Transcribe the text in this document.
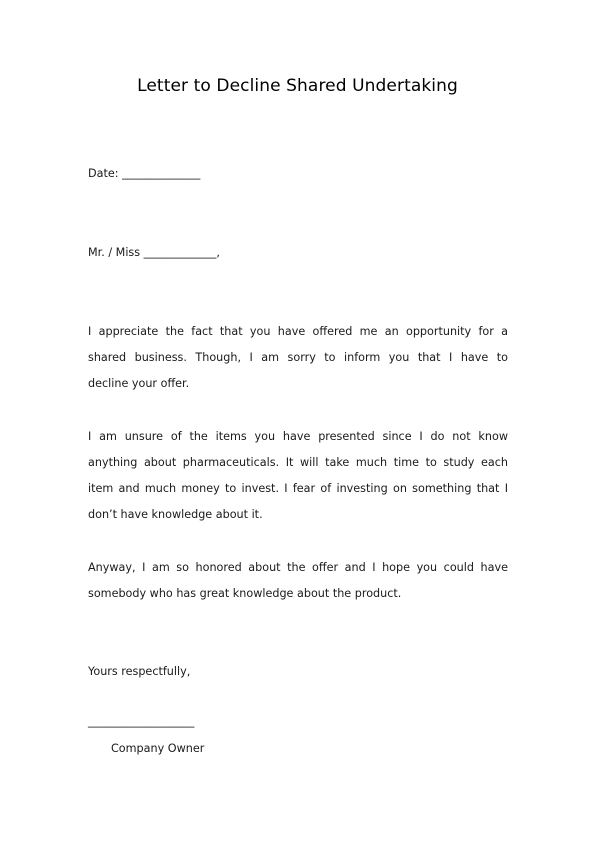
Letter to Decline Shared Undertaking
Date: ______________
Mr. / Miss _____________,
I appreciate the fact that you have offered me an opportunity for a
shared business. Though, I am sorry to inform you that I have to
decline your offer.
I am unsure of the items you have presented since I do not know
anything about pharmaceuticals. It will take much time to study each
item and much money to invest. I fear of investing on something that I
don’t have knowledge about it.
Anyway, I am so honored about the offer and I hope you could have
somebody who has great knowledge about the product.
Yours respectfully,
___________________
Company Owner
